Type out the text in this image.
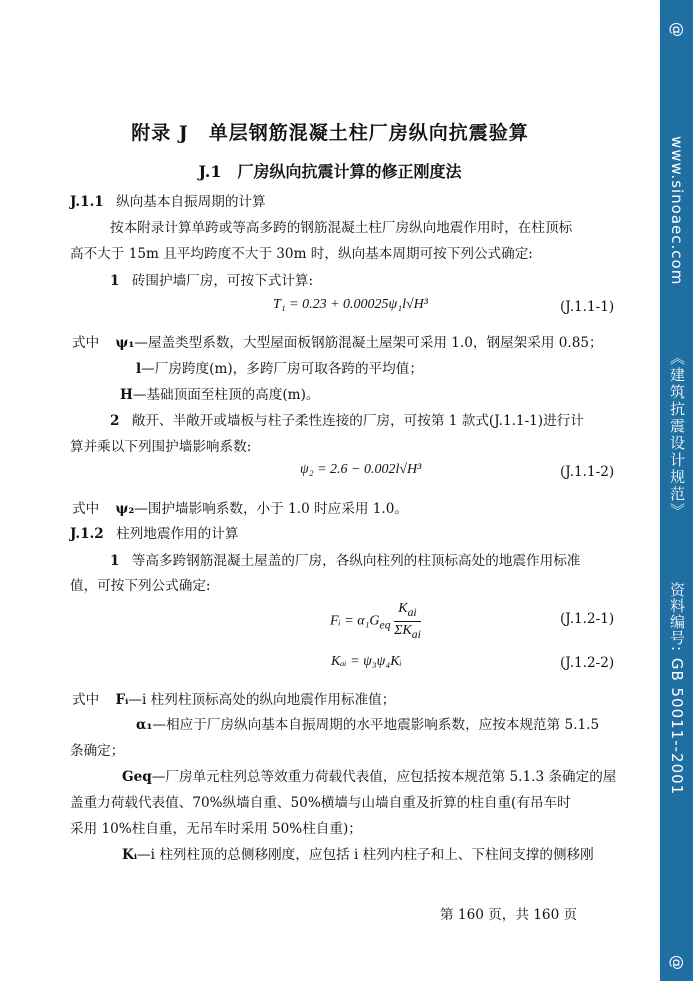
附录 J　单层钢筋混凝土柱厂房纵向抗震验算
J.1　厂房纵向抗震计算的修正刚度法
J.1.1 纵向基本自振周期的计算
按本附录计算单跨或等高多跨的钢筋混凝土柱厂房纵向地震作用时，在柱顶标
高不大于 15m 且平均跨度不大于 30m 时，纵向基本周期可按下列公式确定:
1 砖围护墙厂房，可按下式计算:
T₁ = 0.23 + 0.00025ψ₁l√H³	(J.1.1-1)
式中 ψ₁—屋盖类型系数，大型屋面板钢筋混凝土屋架可采用 1.0，钢屋架采用 0.85；
l—厂房跨度(m)，多跨厂房可取各跨的平均值；
H—基础顶面至柱顶的高度(m)。
2 敞开、半敞开或墙板与柱子柔性连接的厂房，可按第 1 款式(J.1.1-1)进行计
算并乘以下列围护墙影响系数:
ψ₂ = 2.6 − 0.002l√H³	(J.1.1-2)
式中 ψ₂—围护墙影响系数，小于 1.0 时应采用 1.0。
J.1.2 柱列地震作用的计算
1 等高多跨钢筋混凝土屋盖的厂房，各纵向柱列的柱顶标高处的地震作用标准
值，可按下列公式确定:
Fᵢ = $\alpha_1G_{eq} \frac{K_{ai}}{\Sigma K_{ai}}$	(J.1.2-1)
Kₐᵢ = ψ₃ψ₄Kᵢ	(J.1.2-2)
式中 Fᵢ—i 柱列柱顶标高处的纵向地震作用标准值；
α₁—相应于厂房纵向基本自振周期的水平地震影响系数，应按本规范第 5.1.5
条确定；
Geq—厂房单元柱列总等效重力荷载代表值，应包括按本规范第 5.1.3 条确定的屋
盖重力荷载代表值、70%纵墙自重、50%横墙与山墙自重及折算的柱自重(有吊车时
采用 10%柱自重，无吊车时采用 50%柱自重)；
Kᵢ—i 柱列柱顶的总侧移刚度，应包括 i 柱列内柱子和上、下柱间支撑的侧移刚
第 160 页，共 160 页
@
www.sinoaec.com
《建筑抗震设计规范》
资料编号: GB 50011--2001
@
